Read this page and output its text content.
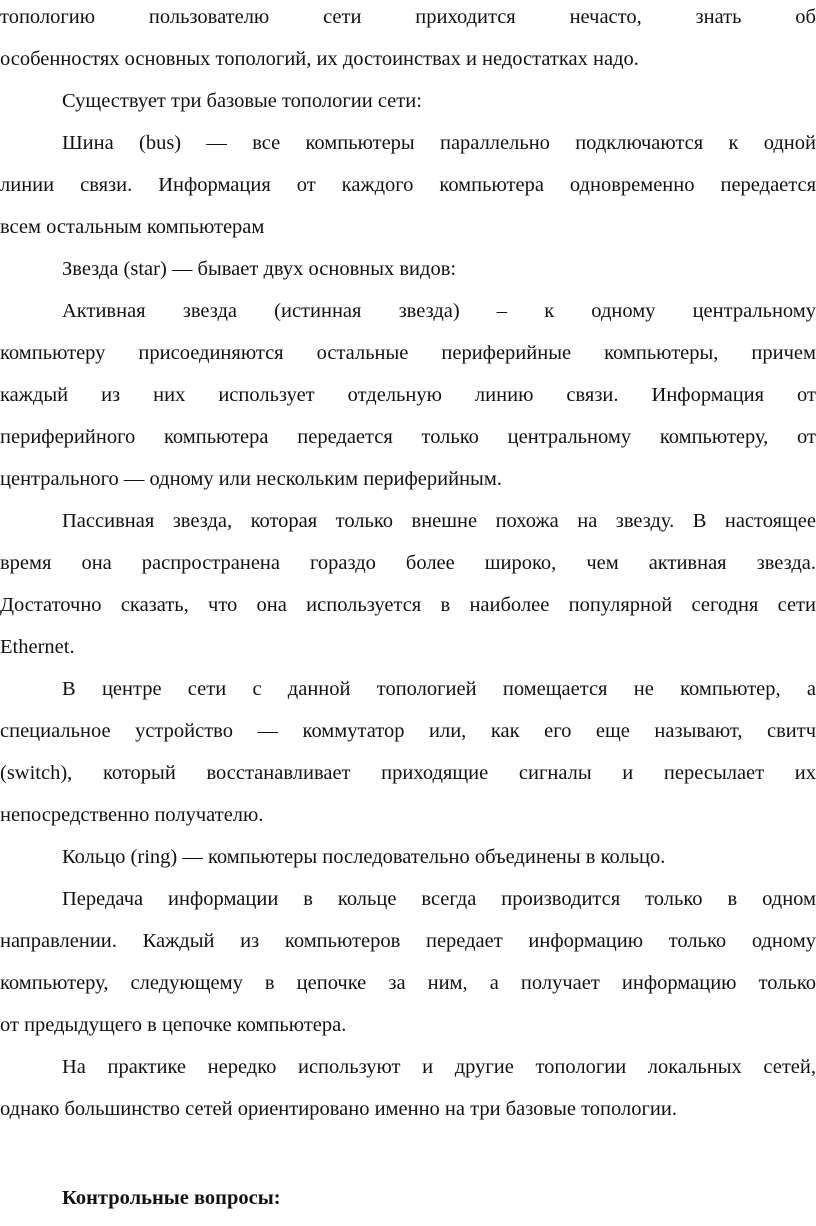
топологию пользователю сети приходится нечасто, знать об
особенностях основных топологий, их достоинствах и недостатках надо.
Существует три базовые топологии сети:
Шина (bus) — все компьютеры параллельно подключаются к одной
линии связи. Информация от каждого компьютера одновременно передается
всем остальным компьютерам
Звезда (star) — бывает двух основных видов:
Активная звезда (истинная звезда) – к одному центральному
компьютеру присоединяются остальные периферийные компьютеры, причем
каждый из них использует отдельную линию связи. Информация от
периферийного компьютера передается только центральному компьютеру, от
центрального — одному или нескольким периферийным.
Пассивная звезда, которая только внешне похожа на звезду. В настоящее
время она распространена гораздо более широко, чем активная звезда.
Достаточно сказать, что она используется в наиболее популярной сегодня сети
Ethernet.
В центре сети с данной топологией помещается не компьютер, а
специальное устройство — коммутатор или, как его еще называют, свитч
(switch), который восстанавливает приходящие сигналы и пересылает их
непосредственно получателю.
Кольцо (ring) — компьютеры последовательно объединены в кольцо.
Передача информации в кольце всегда производится только в одном
направлении. Каждый из компьютеров передает информацию только одному
компьютеру, следующему в цепочке за ним, а получает информацию только
от предыдущего в цепочке компьютера.
На практике нередко используют и другие топологии локальных сетей,
однако большинство сетей ориентировано именно на три базовые топологии.
Контрольные вопросы:
